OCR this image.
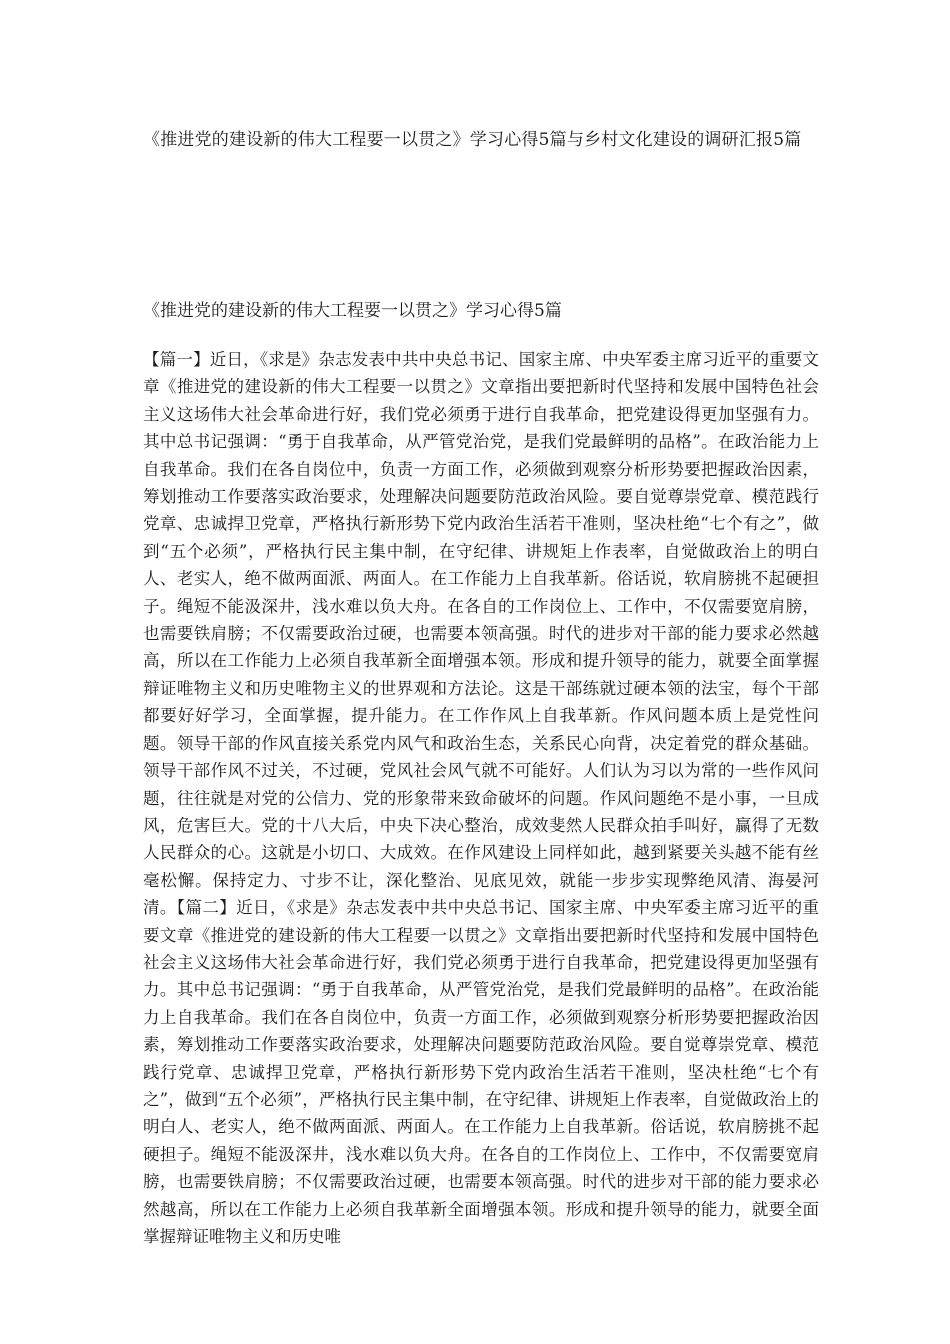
《推进党的建设新的伟大工程要一以贯之》学习心得5篇与乡村文化建设的调研汇报5篇
《推进党的建设新的伟大工程要一以贯之》学习心得5篇

【篇一】近日，《求是》杂志发表中共中央总书记、国家主席、中央军委主席习近平的重要文章《推进党的建设新的伟大工程要一以贯之》文章指出要把新时代坚持和发展中国特色社会主义这场伟大社会革命进行好，我们党必须勇于进行自我革命，把党建设得更加坚强有力。其中总书记强调：“勇于自我革命，从严管党治党，是我们党最鲜明的品格”。在政治能力上自我革命。我们在各自岗位中，负责一方面工作，必须做到观察分析形势要把握政治因素，筹划推动工作要落实政治要求，处理解决问题要防范政治风险。要自觉尊崇党章、模范践行党章、忠诚捍卫党章，严格执行新形势下党内政治生活若干准则，坚决杜绝“七个有之”，做到“五个必须”，严格执行民主集中制，在守纪律、讲规矩上作表率，自觉做政治上的明白人、老实人，绝不做两面派、两面人。在工作能力上自我革新。俗话说，软肩膀挑不起硬担子。绳短不能汲深井，浅水难以负大舟。在各自的工作岗位上、工作中，不仅需要宽肩膀，也需要铁肩膀；不仅需要政治过硬，也需要本领高强。时代的进步对干部的能力要求必然越高，所以在工作能力上必须自我革新全面增强本领。形成和提升领导的能力，就要全面掌握辩证唯物主义和历史唯物主义的世界观和方法论。这是干部练就过硬本领的法宝，每个干部都要好好学习，全面掌握，提升能力。在工作作风上自我革新。作风问题本质上是党性问题。领导干部的作风直接关系党内风气和政治生态，关系民心向背，决定着党的群众基础。领导干部作风不过关，不过硬，党风社会风气就不可能好。人们认为习以为常的一些作风问题，往往就是对党的公信力、党的形象带来致命破坏的问题。作风问题绝不是小事，一旦成风，危害巨大。党的十八大后，中央下决心整治，成效斐然人民群众拍手叫好，赢得了无数人民群众的心。这就是小切口、大成效。在作风建设上同样如此，越到紧要关头越不能有丝毫松懈。保持定力、寸步不让，深化整治、见底见效，就能一步步实现弊绝风清、海晏河清。【篇二】近日，《求是》杂志发表中共中央总书记、国家主席、中央军委主席习近平的重要文章《推进党的建设新的伟大工程要一以贯之》文章指出要把新时代坚持和发展中国特色社会主义这场伟大社会革命进行好，我们党必须勇于进行自我革命，把党建设得更加坚强有力。其中总书记强调：“勇于自我革命，从严管党治党，是我们党最鲜明的品格”。在政治能力上自我革命。我们在各自岗位中，负责一方面工作，必须做到观察分析形势要把握政治因素，筹划推动工作要落实政治要求，处理解决问题要防范政治风险。要自觉尊崇党章、模范践行党章、忠诚捍卫党章，严格执行新形势下党内政治生活若干准则，坚决杜绝“七个有之”，做到“五个必须”，严格执行民主集中制，在守纪律、讲规矩上作表率，自觉做政治上的明白人、老实人，绝不做两面派、两面人。在工作能力上自我革新。俗话说，软肩膀挑不起硬担子。绳短不能汲深井，浅水难以负大舟。在各自的工作岗位上、工作中，不仅需要宽肩膀，也需要铁肩膀；不仅需要政治过硬，也需要本领高强。时代的进步对干部的能力要求必然越高，所以在工作能力上必须自我革新全面增强本领。形成和提升领导的能力，就要全面掌握辩证唯物主义和历史唯
